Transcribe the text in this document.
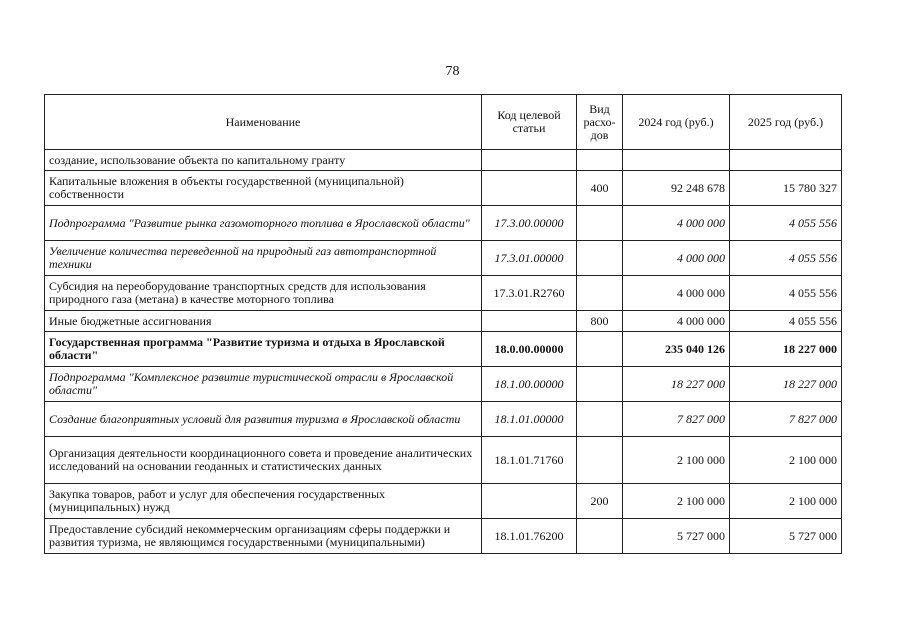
78
Наименование	Код целевой статьи	Вид расхо-дов	2024 год (руб.)	2025 год (руб.)
создание, использование объекта по капитальному гранту				
Капитальные вложения в объекты государственной (муниципальной) собственности		400	92 248 678	15 780 327
Подпрограмма "Развитие рынка газомоторного топлива в Ярославской области"	17.3.00.00000		4 000 000	4 055 556
Увеличение количества переведенной на природный газ автотранспортной техники	17.3.01.00000		4 000 000	4 055 556
Субсидия на переоборудование транспортных средств для использования природного газа (метана) в качестве моторного топлива	17.3.01.R2760		4 000 000	4 055 556
Иные бюджетные ассигнования		800	4 000 000	4 055 556
Государственная программа "Развитие туризма и отдыха в Ярославской области"	18.0.00.00000		235 040 126	18 227 000
Подпрограмма "Комплексное развитие туристической отрасли в Ярославской области"	18.1.00.00000		18 227 000	18 227 000
Создание благоприятных условий для развития туризма в Ярославской области	18.1.01.00000		7 827 000	7 827 000
Организация деятельности координационного совета и проведение аналитических исследований на основании геоданных и статистических данных	18.1.01.71760		2 100 000	2 100 000
Закупка товаров, работ и услуг для обеспечения государственных (муниципальных) нужд		200	2 100 000	2 100 000
Предоставление субсидий некоммерческим организациям сферы поддержки и развития туризма, не являющимся государственными (муниципальными)	18.1.01.76200		5 727 000	5 727 000
